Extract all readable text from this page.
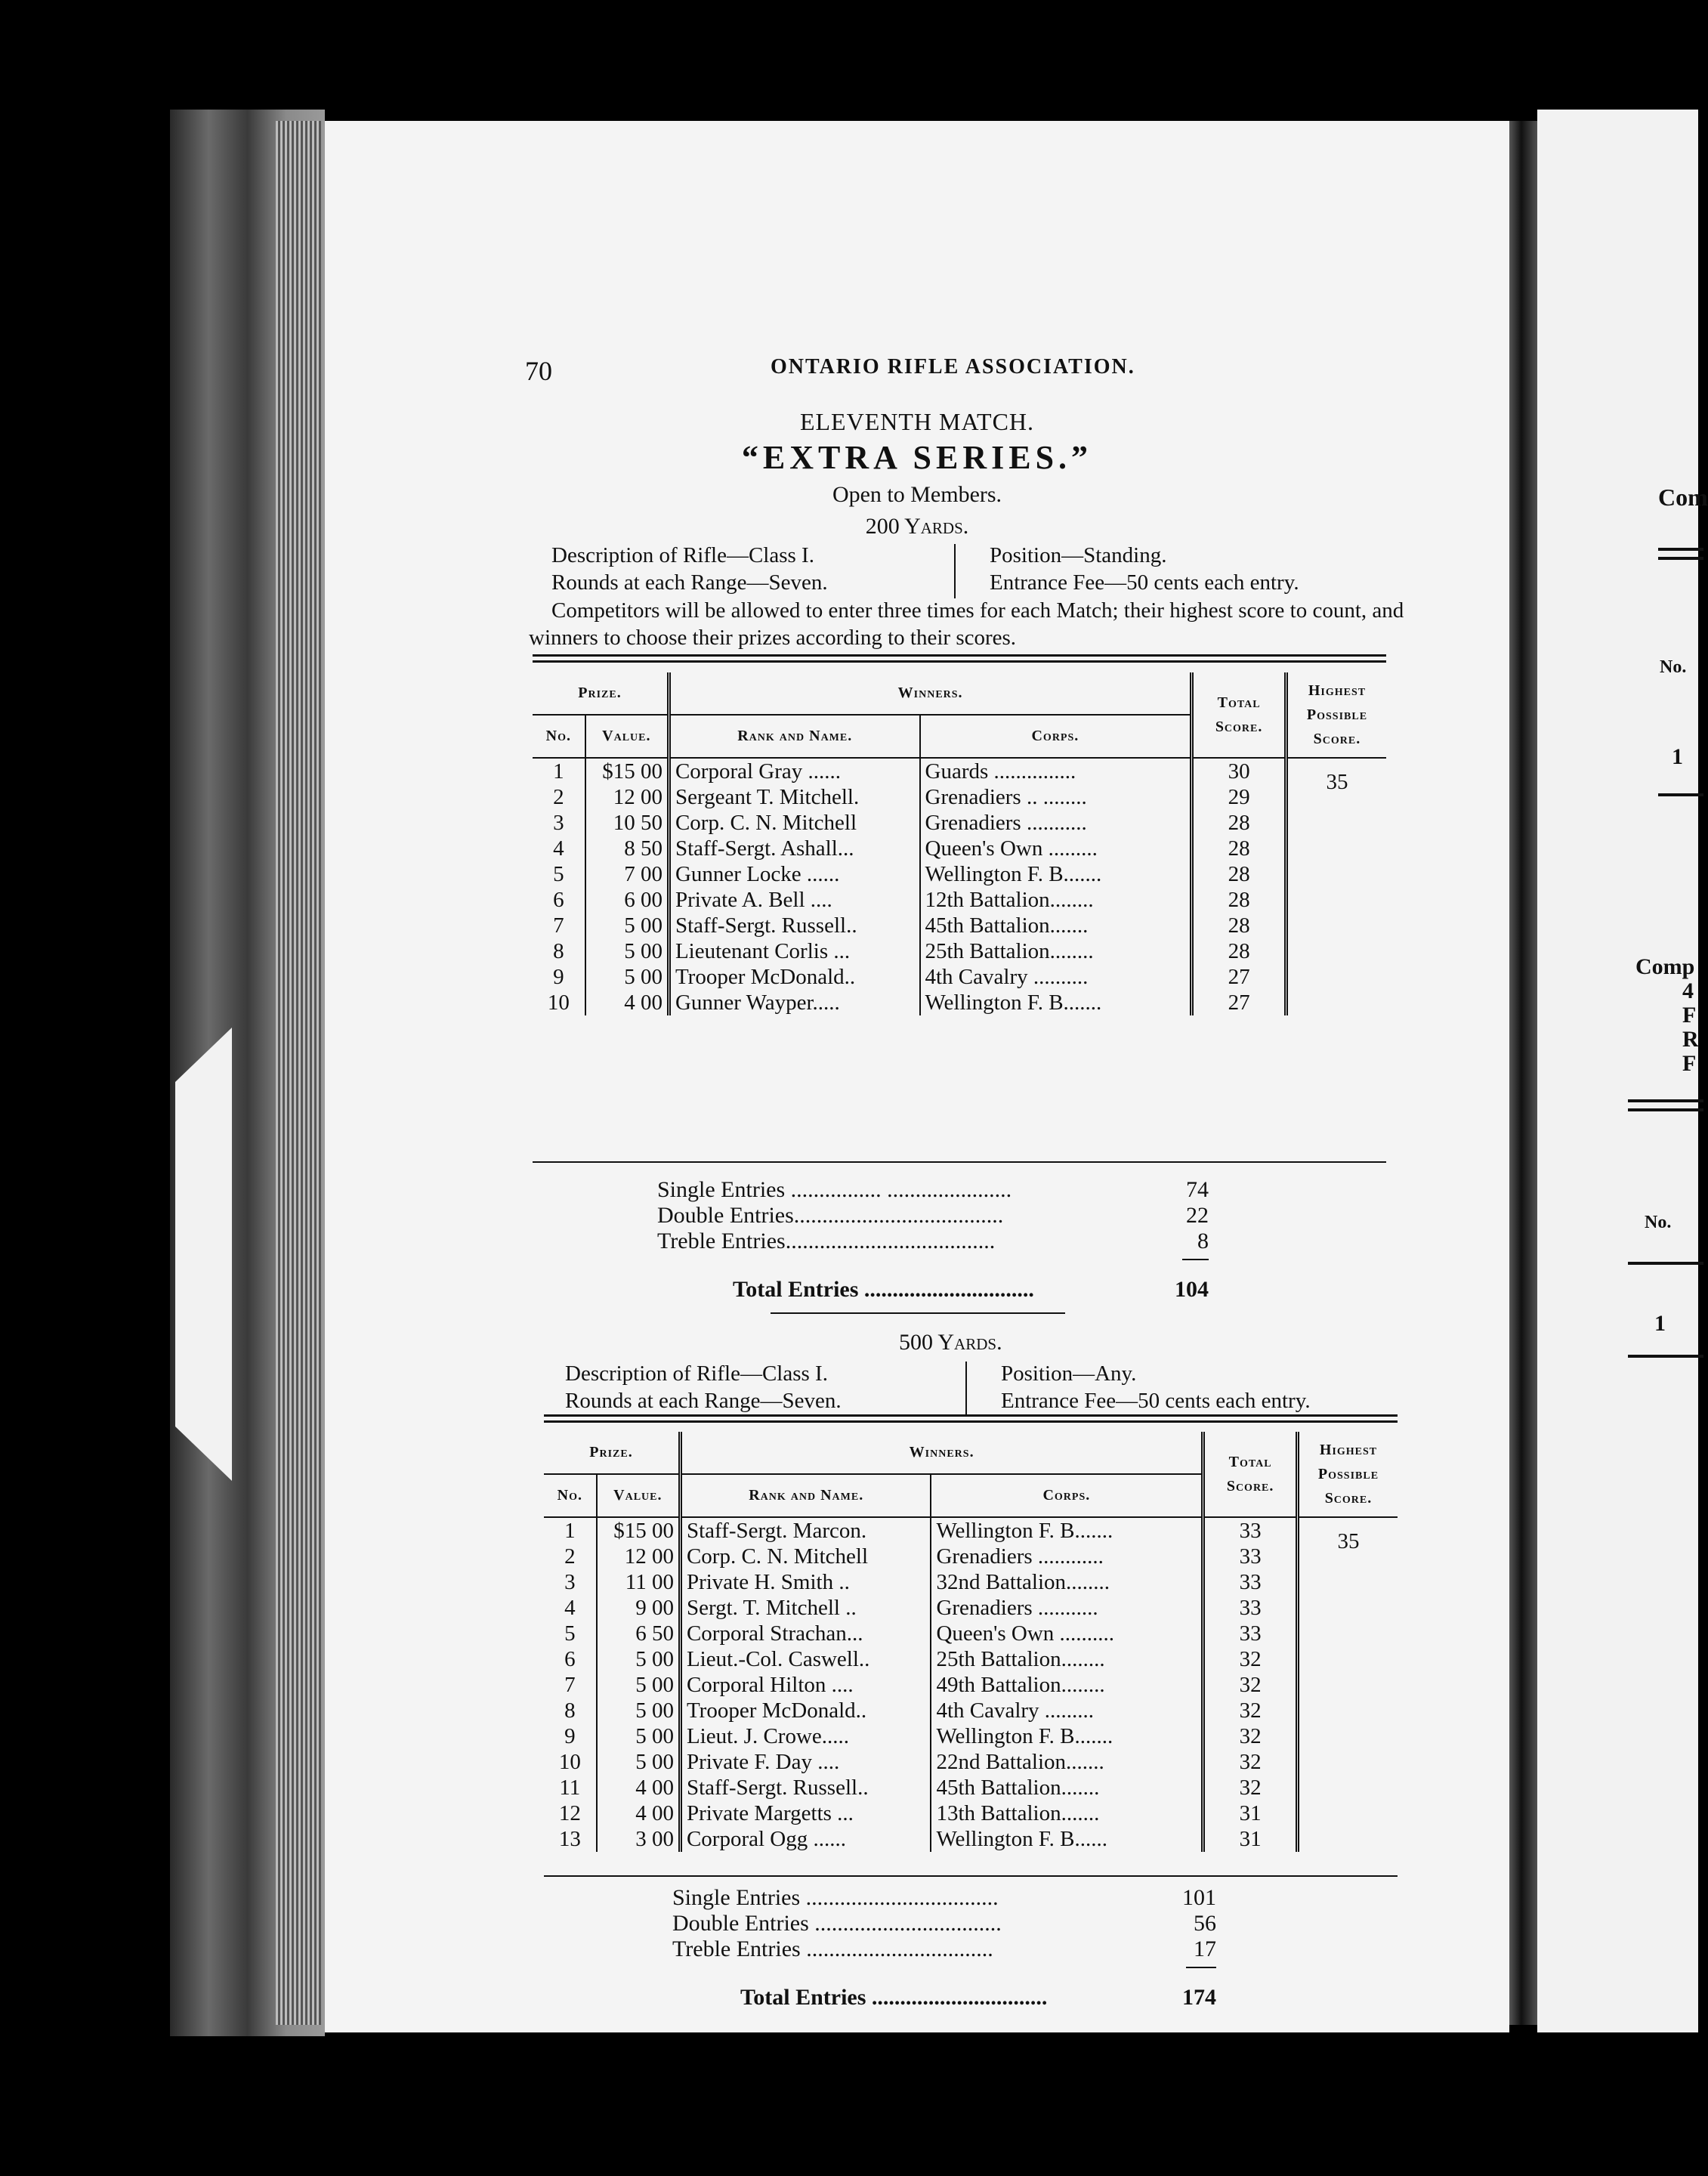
Com
No.
1
Comp
4
F
R
F
No.
1
70	ONTARIO RIFLE ASSOCIATION.
ELEVENTH MATCH.
“EXTRA SERIES.”
Open to Members.
200 Yards.
Description of Rifle—Class I.
Rounds at each Range—Seven.
Position—Standing.
Entrance Fee—50 cents each entry.
Competitors will be allowed to enter three times for each Match; their highest score to count, and winners to choose their prizes according to their scores.
Prize.		Winners.		Total Score.	Highest Possible Score.
No.	Value.	Rank and Name.	Corps.		
1	$15 00	Corporal Gray ......	Guards ...............	30	35
2	12 00	Sergeant T. Mitchell.	Grenadiers .. ........	29	
3	10 50	Corp. C. N. Mitchell	Grenadiers ...........	28	
4	8 50	Staff-Sergt. Ashall...	Queen's Own .........	28	
5	7 00	Gunner Locke ......	Wellington F. B.......	28	
6	6 00	Private A. Bell ....	12th Battalion........	28	
7	5 00	Staff-Sergt. Russell..	45th Battalion.......	28	
8	5 00	Lieutenant Corlis ...	25th Battalion........	28	
9	5 00	Trooper McDonald..	4th Cavalry ..........	27	
10	4 00	Gunner Wayper.....	Wellington F. B.......	27	
Single Entries ................ ......................	74
Double Entries.....................................	22
Treble Entries.....................................	8
Total Entries ..............................	104
500 Yards.
Description of Rifle—Class I.
Rounds at each Range—Seven.
Position—Any.
Entrance Fee—50 cents each entry.
Prize.		Winners.		Total Score.	Highest Possible Score.
No.	Value.	Rank and Name.	Corps.		
1	$15 00	Staff-Sergt. Marcon.	Wellington F. B.......	33	35
2	12 00	Corp. C. N. Mitchell	Grenadiers ............	33	
3	11 00	Private H. Smith ..	32nd Battalion........	33	
4	9 00	Sergt. T. Mitchell ..	Grenadiers ...........	33	
5	6 50	Corporal Strachan...	Queen's Own ..........	33	
6	5 00	Lieut.-Col. Caswell..	25th Battalion........	32	
7	5 00	Corporal Hilton ....	49th Battalion........	32	
8	5 00	Trooper McDonald..	4th Cavalry .........	32	
9	5 00	Lieut. J. Crowe.....	Wellington F. B.......	32	
10	5 00	Private F. Day ....	22nd Battalion.......	32	
11	4 00	Staff-Sergt. Russell..	45th Battalion.......	32	
12	4 00	Private Margetts ...	13th Battalion.......	31	
13	3 00	Corporal Ogg ......	Wellington F. B......	31	
Single Entries ..................................	101
Double Entries .................................	56
Treble Entries .................................	17
Total Entries ...............................	174
